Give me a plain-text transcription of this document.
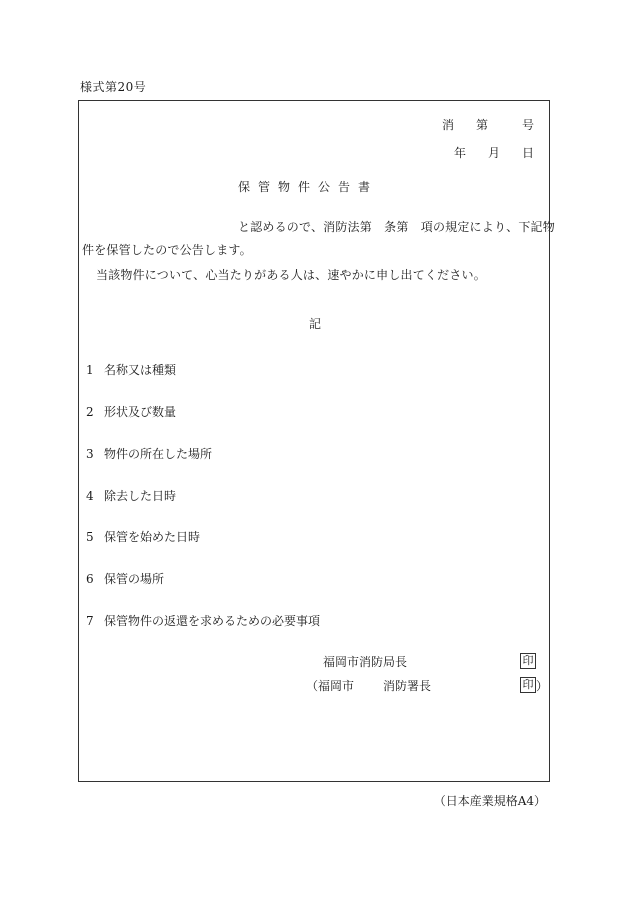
様式第20号
消 第	号
年 月 日
保管物件公告書
と認めるので、消防法第　条第　項の規定により、下記物
件を保管したので公告します。
当該物件について、心当たりがある人は、速やかに申し出てください。
記
1 名称又は種類
2 形状及び数量
3 物件の所在した場所
4 除去した日時
5 保管を始めた日時
6 保管の場所
7 保管物件の返還を求めるための必要事項
福岡市消防局長	印
（福岡市 消防署長	印 ）
（日本産業規格A4）
